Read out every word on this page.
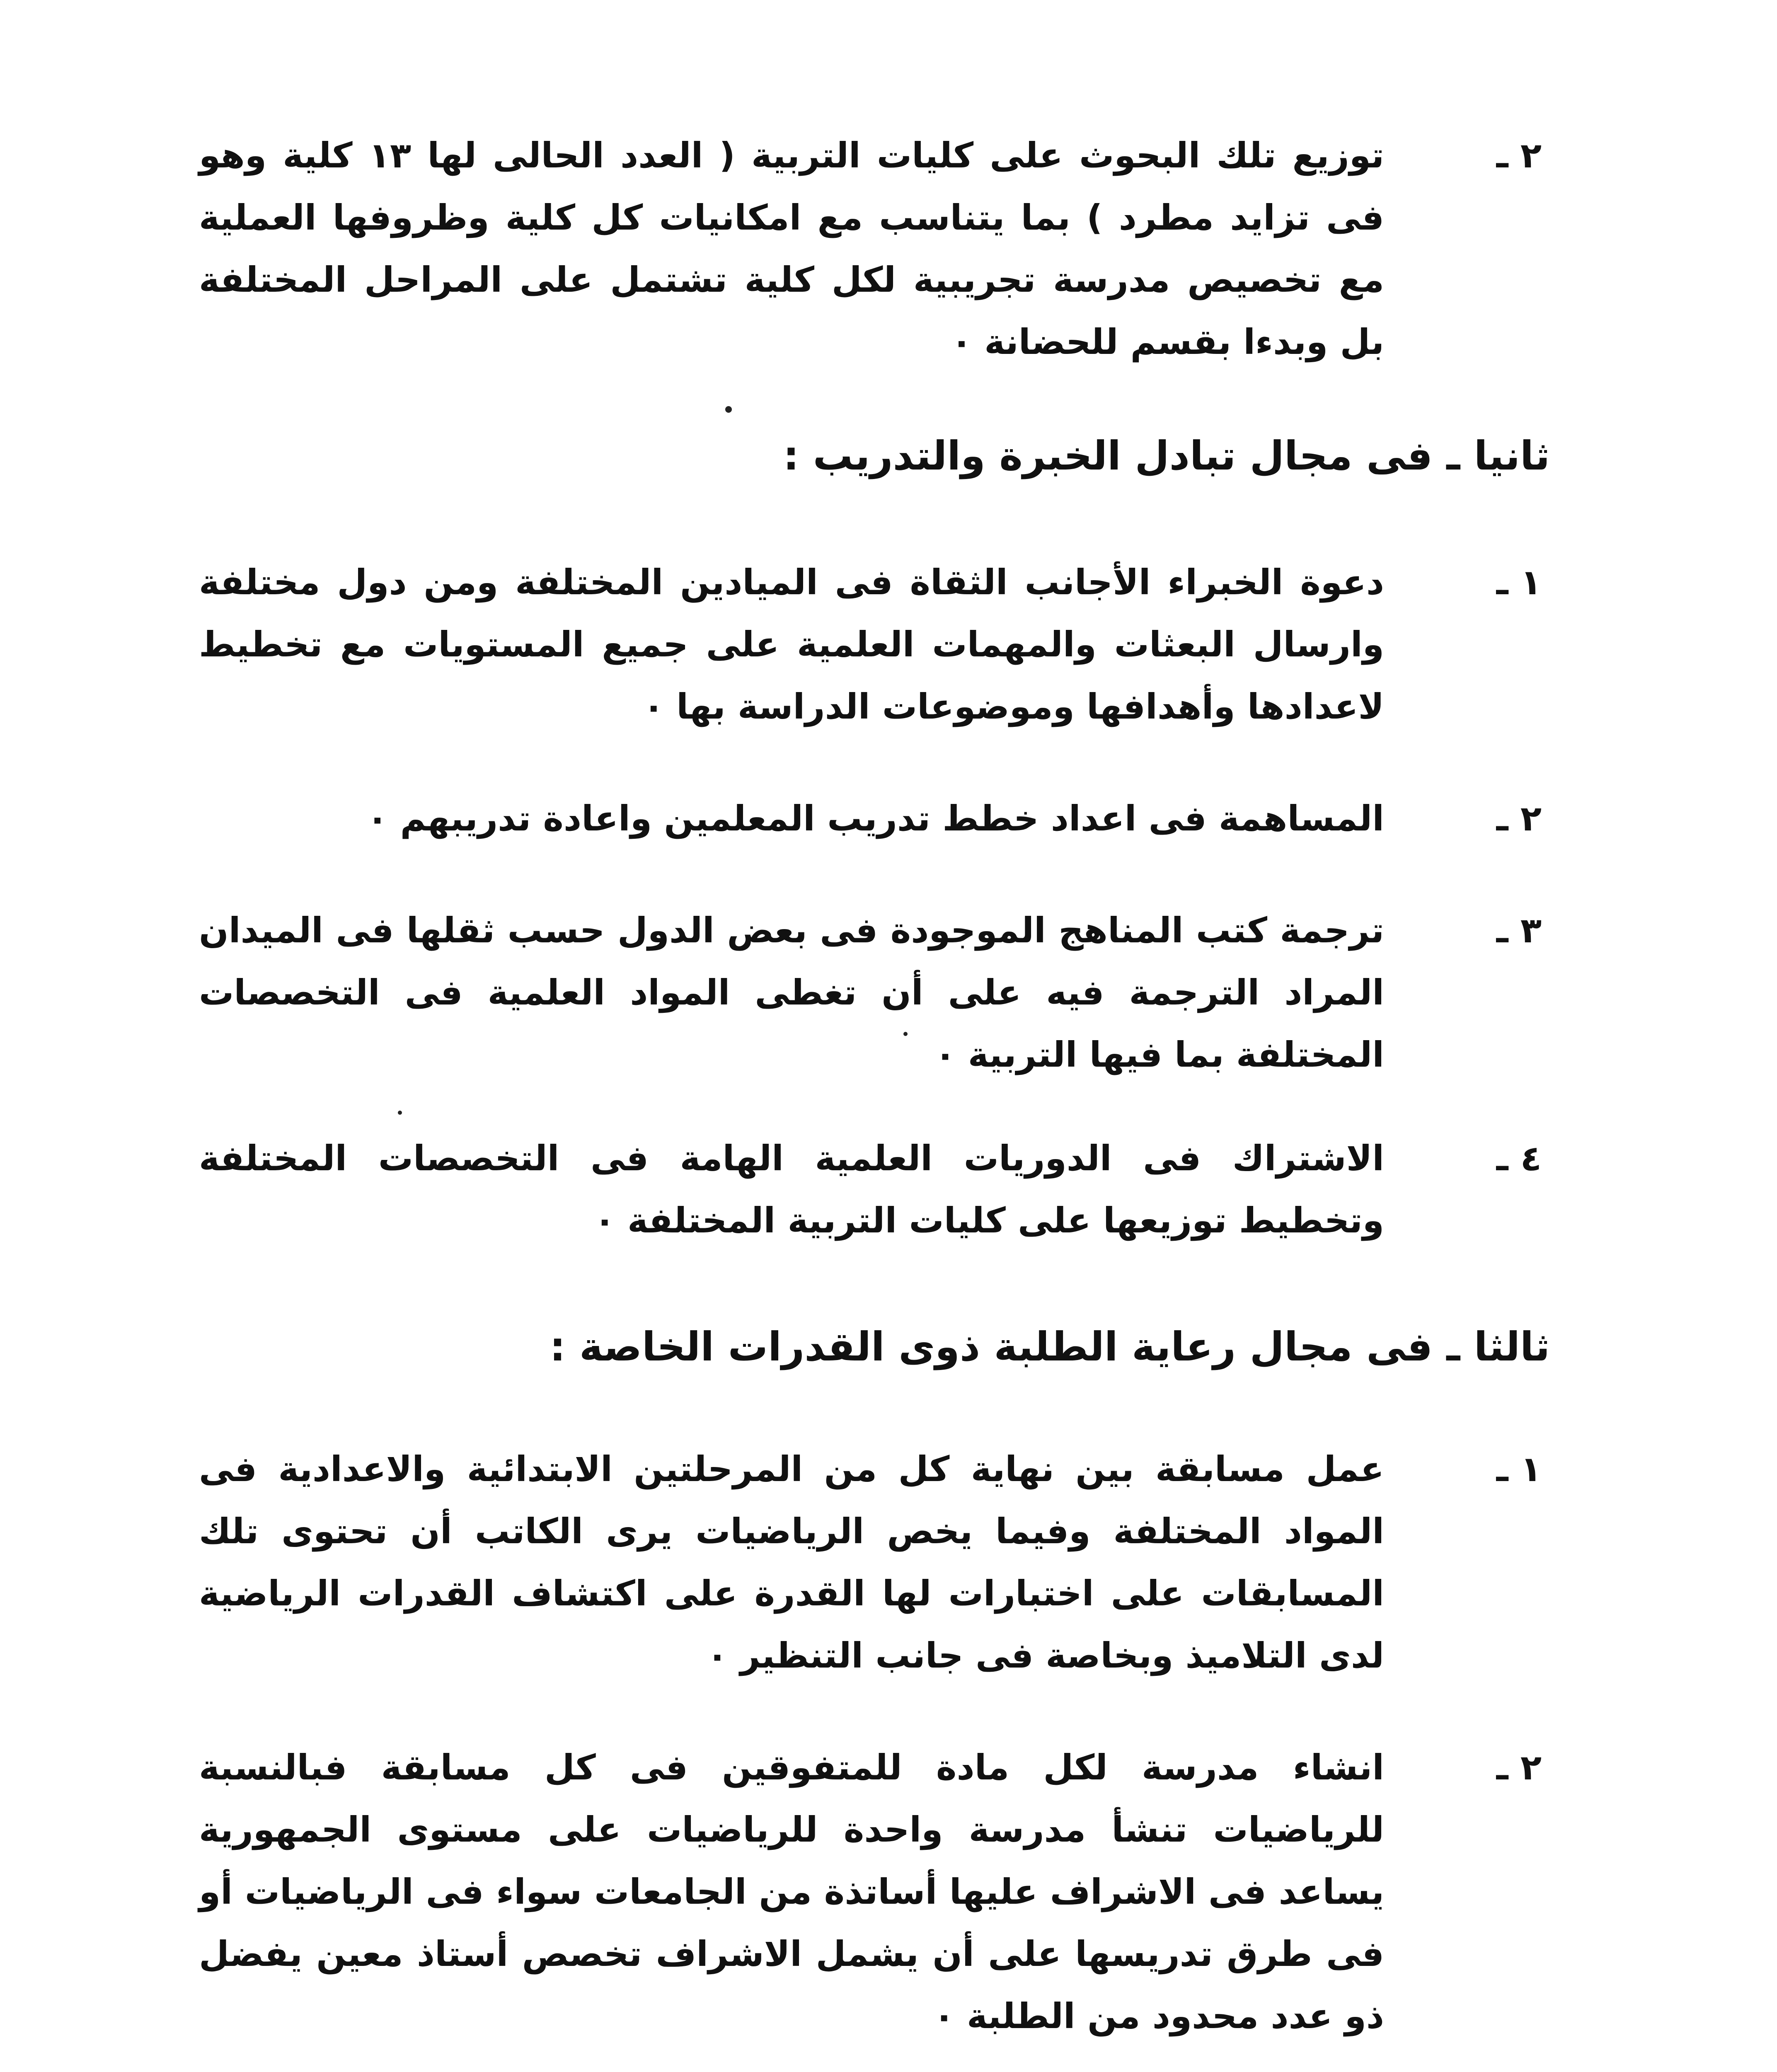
٢ ـ
توزيع تلك البحوث على كليات التربية ( العدد الحالى لها ١٣ كلية وهو فى تزايد مطرد ) بما يتناسب مع امكانيات كل كلية وظروفها العملية مع تخصيص مدرسة تجريبية لكل كلية تشتمل على المراحل المختلفة بل وبدءا بقسم للحضانة ٠
ثانيا ـ فى مجال تبادل الخبرة والتدريب :
١ ـ
دعوة الخبراء الأجانب الثقاة فى الميادين المختلفة ومن دول مختلفة وارسال البعثات والمهمات العلمية على جميع المستويات مع تخطيط لاعدادها وأهدافها وموضوعات الدراسة بها ٠
٢ ـ
المساهمة فى اعداد خطط تدريب المعلمين واعادة تدريبهم ٠
٣ ـ
ترجمة كتب المناهج الموجودة فى بعض الدول حسب ثقلها فى الميدان المراد الترجمة فيه على أن تغطى المواد العلمية فى التخصصات المختلفة بما فيها التربية ٠
٤ ـ
الاشتراك فى الدوريات العلمية الهامة فى التخصصات المختلفة وتخطيط توزيعها على كليات التربية المختلفة ٠
ثالثا ـ فى مجال رعاية الطلبة ذوى القدرات الخاصة :
١ ـ
عمل مسابقة بين نهاية كل من المرحلتين الابتدائية والاعدادية فى المواد المختلفة وفيما يخص الرياضيات يرى الكاتب أن تحتوى تلك المسابقات على اختبارات لها القدرة على اكتشاف القدرات الرياضية لدى التلاميذ وبخاصة فى جانب التنظير ٠
٢ ـ
انشاء مدرسة لكل مادة للمتفوقين فى كل مسابقة فبالنسبة للرياضيات تنشأ مدرسة واحدة للرياضيات على مستوى الجمهورية يساعد فى الاشراف عليها أساتذة من الجامعات سواء فى الرياضيات أو فى طرق تدريسها على أن يشمل الاشراف تخصص أستاذ معين يفضل ذو عدد محدود من الطلبة ٠
